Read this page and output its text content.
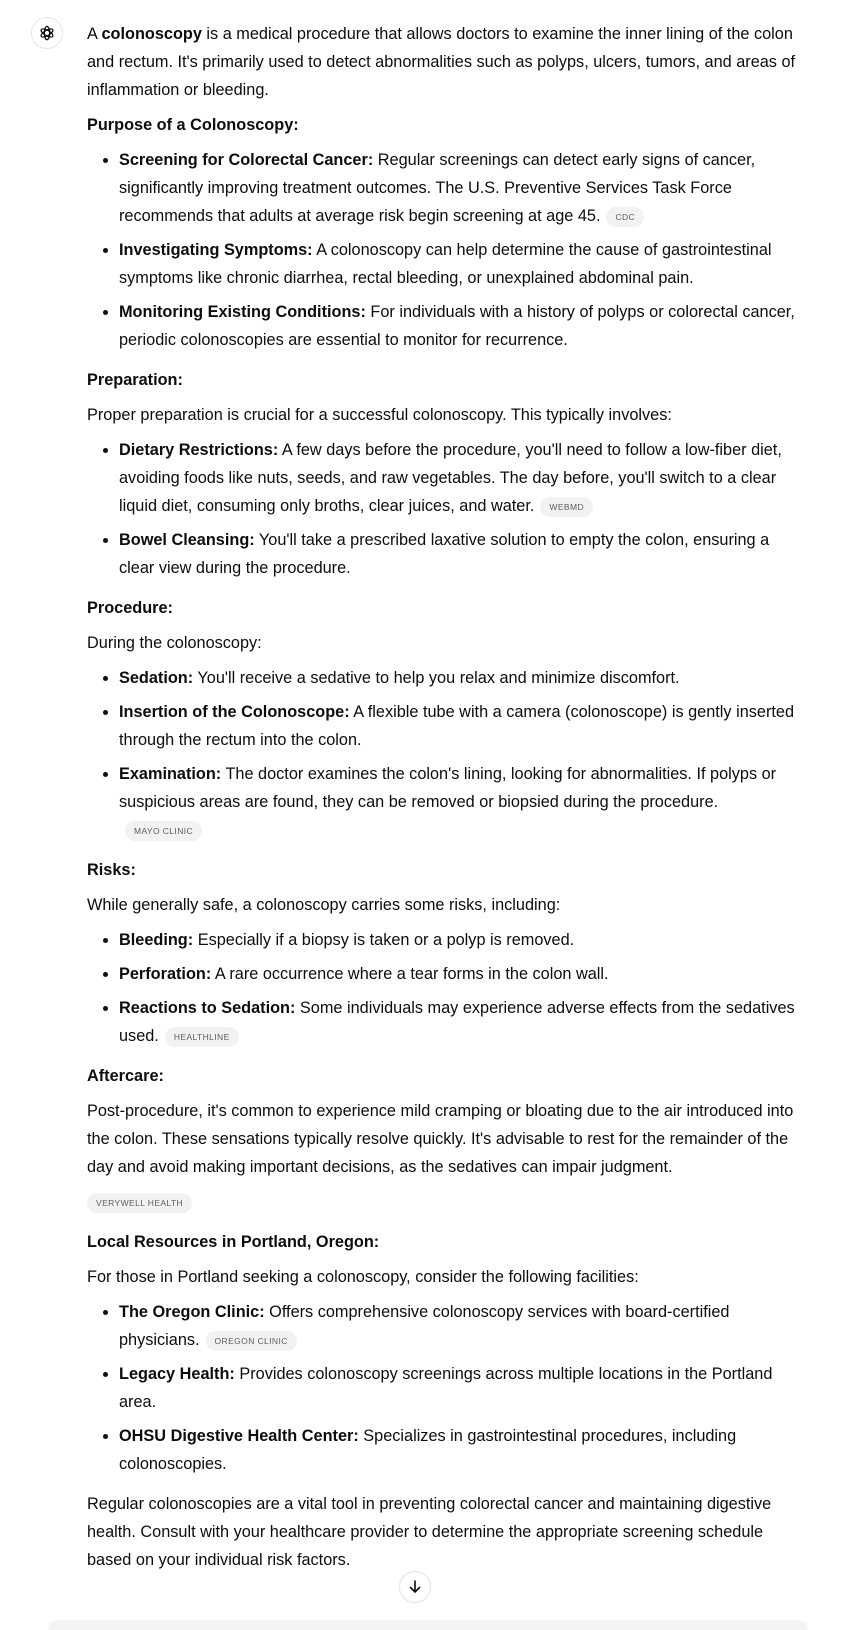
A colonoscopy is a medical procedure that allows doctors to examine the inner lining of the colon and rectum. It's primarily used to detect abnormalities such as polyps, ulcers, tumors, and areas of inflammation or bleeding.

Purpose of a Colonoscopy:
• Screening for Colorectal Cancer: Regular screenings can detect early signs of cancer, significantly improving treatment outcomes. The U.S. Preventive Services Task Force recommends that adults at average risk begin screening at age 45. CDC
• Investigating Symptoms: A colonoscopy can help determine the cause of gastrointestinal symptoms like chronic diarrhea, rectal bleeding, or unexplained abdominal pain.
• Monitoring Existing Conditions: For individuals with a history of polyps or colorectal cancer, periodic colonoscopies are essential to monitor for recurrence.
Preparation:

Proper preparation is crucial for a successful colonoscopy. This typically involves:

• Dietary Restrictions: A few days before the procedure, you'll need to follow a low-fiber diet, avoiding foods like nuts, seeds, and raw vegetables. The day before, you'll switch to a clear liquid diet, consuming only broths, clear juices, and water. WEBMD
• Bowel Cleansing: You'll take a prescribed laxative solution to empty the colon, ensuring a clear view during the procedure.
Procedure:

During the colonoscopy:

• Sedation: You'll receive a sedative to help you relax and minimize discomfort.
• Insertion of the Colonoscope: A flexible tube with a camera (colonoscope) is gently inserted through the rectum into the colon.
• Examination: The doctor examines the colon's lining, looking for abnormalities. If polyps or suspicious areas are found, they can be removed or biopsied during the procedure.MAYO CLINIC
Risks:

While generally safe, a colonoscopy carries some risks, including:

• Bleeding: Especially if a biopsy is taken or a polyp is removed.
• Perforation: A rare occurrence where a tear forms in the colon wall.
• Reactions to Sedation: Some individuals may experience adverse effects from the sedatives used. HEALTHLINE
Aftercare:

Post-procedure, it's common to experience mild cramping or bloating due to the air introduced into the colon. These sensations typically resolve quickly. It's advisable to rest for the remainder of the day and avoid making important decisions, as the sedatives can impair judgment.

VERYWELL HEALTH

Local Resources in Portland, Oregon:

For those in Portland seeking a colonoscopy, consider the following facilities:

• The Oregon Clinic: Offers comprehensive colonoscopy services with board-certified physicians. OREGON CLINIC
• Legacy Health: Provides colonoscopy screenings across multiple locations in the Portland area.
• OHSU Digestive Health Center: Specializes in gastrointestinal procedures, including colonoscopies.

Regular colonoscopies are a vital tool in preventing colorectal cancer and maintaining digestive health. Consult with your healthcare provider to determine the appropriate screening schedule based on your individual risk factors.
